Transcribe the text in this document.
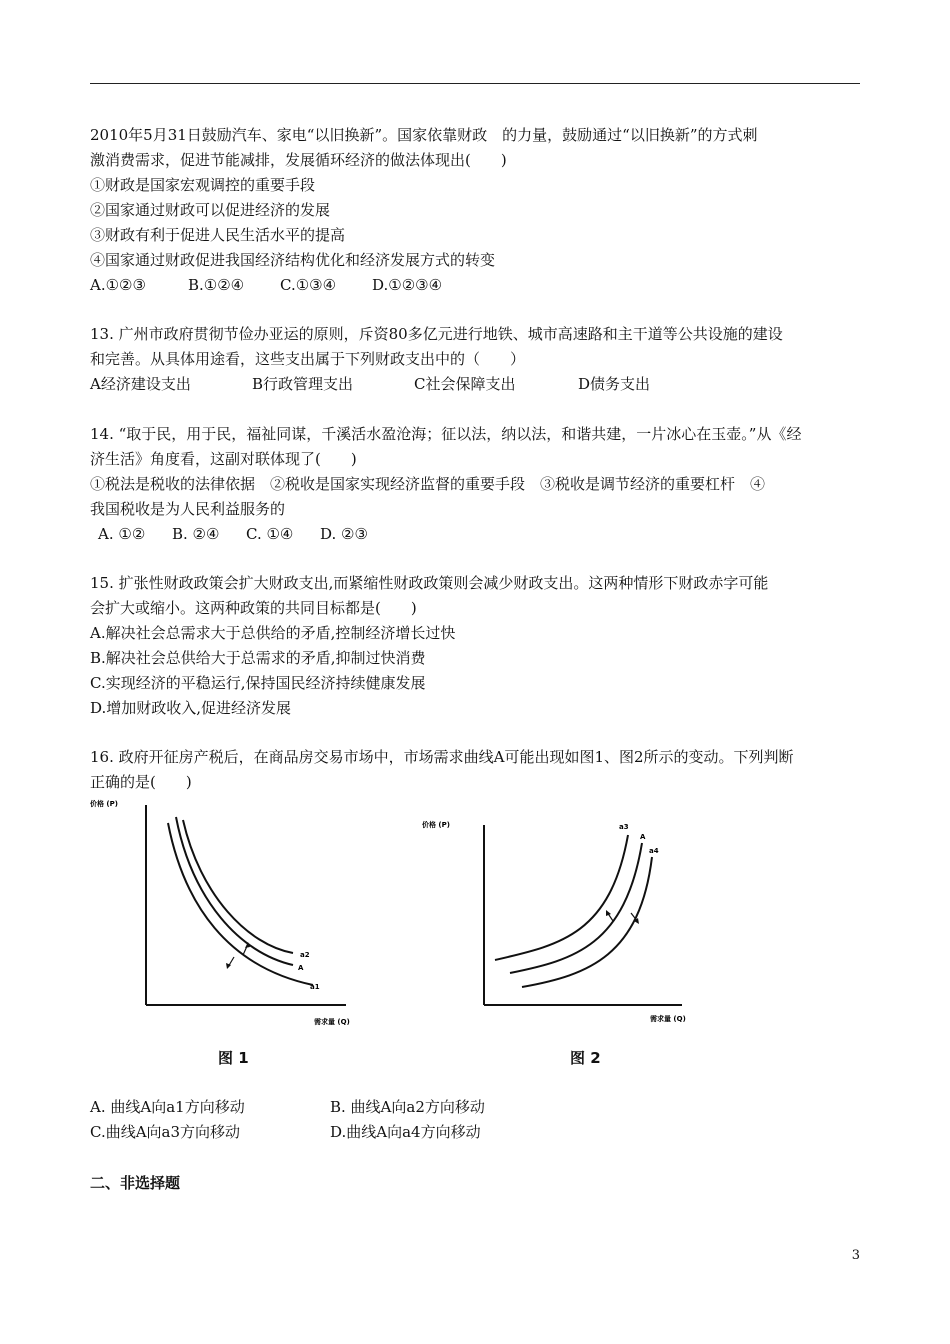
2010年5月31日鼓励汽车、家电“以旧换新”。国家依靠财政　的力量，鼓励通过“以旧换新”的方式刺
激消费需求，促进节能减排，发展循环经济的做法体现出(　　)
①财政是国家宏观调控的重要手段
②国家通过财政可以促进经济的发展
③财政有利于促进人民生活水平的提高
④国家通过财政促进我国经济结构优化和经济发展方式的转变
A.①②③	B.①②④ C.①③④ D.①②③④
13. 广州市政府贯彻节俭办亚运的原则，斥资80多亿元进行地铁、城市高速路和主干道等公共设施的建设
和完善。从具体用途看，这些支出属于下列财政支出中的（　　）
A经济建设支出	B行政管理支出	C社会保障支出	D债务支出
14. “取于民，用于民，福祉同谋，千溪活水盈沧海；征以法，纳以法，和谐共建，一片冰心在玉壶。”从《经
济生活》角度看，这副对联体现了(　　)
①税法是税收的法律依据　②税收是国家实现经济监督的重要手段　③税收是调节经济的重要杠杆　④
我国税收是为人民利益服务的
A. ①② B. ②④ C. ①④ D. ②③
15. 扩张性财政政策会扩大财政支出,而紧缩性财政政策则会减少财政支出。这两种情形下财政赤字可能
会扩大或缩小。这两种政策的共同目标都是(　　)
A.解决社会总需求大于总供给的矛盾,控制经济增长过快
B.解决社会总供给大于总需求的矛盾,抑制过快消费
C.实现经济的平稳运行,保持国民经济持续健康发展
D.增加财政收入,促进经济发展
16. 政府开征房产税后，在商品房交易市场中，市场需求曲线A可能出现如图1、图2所示的变动。下列判断
正确的是(　　)
价格 (P)
a2
A
a1
需求量 (Q)
图 1
价格 (P)	a3
A
a4
需求量 (Q)
图 2
A. 曲线A向a1方向移动	B. 曲线A向a2方向移动
C.曲线A向a3方向移动	D.曲线A向a4方向移动
二、非选择题
3
